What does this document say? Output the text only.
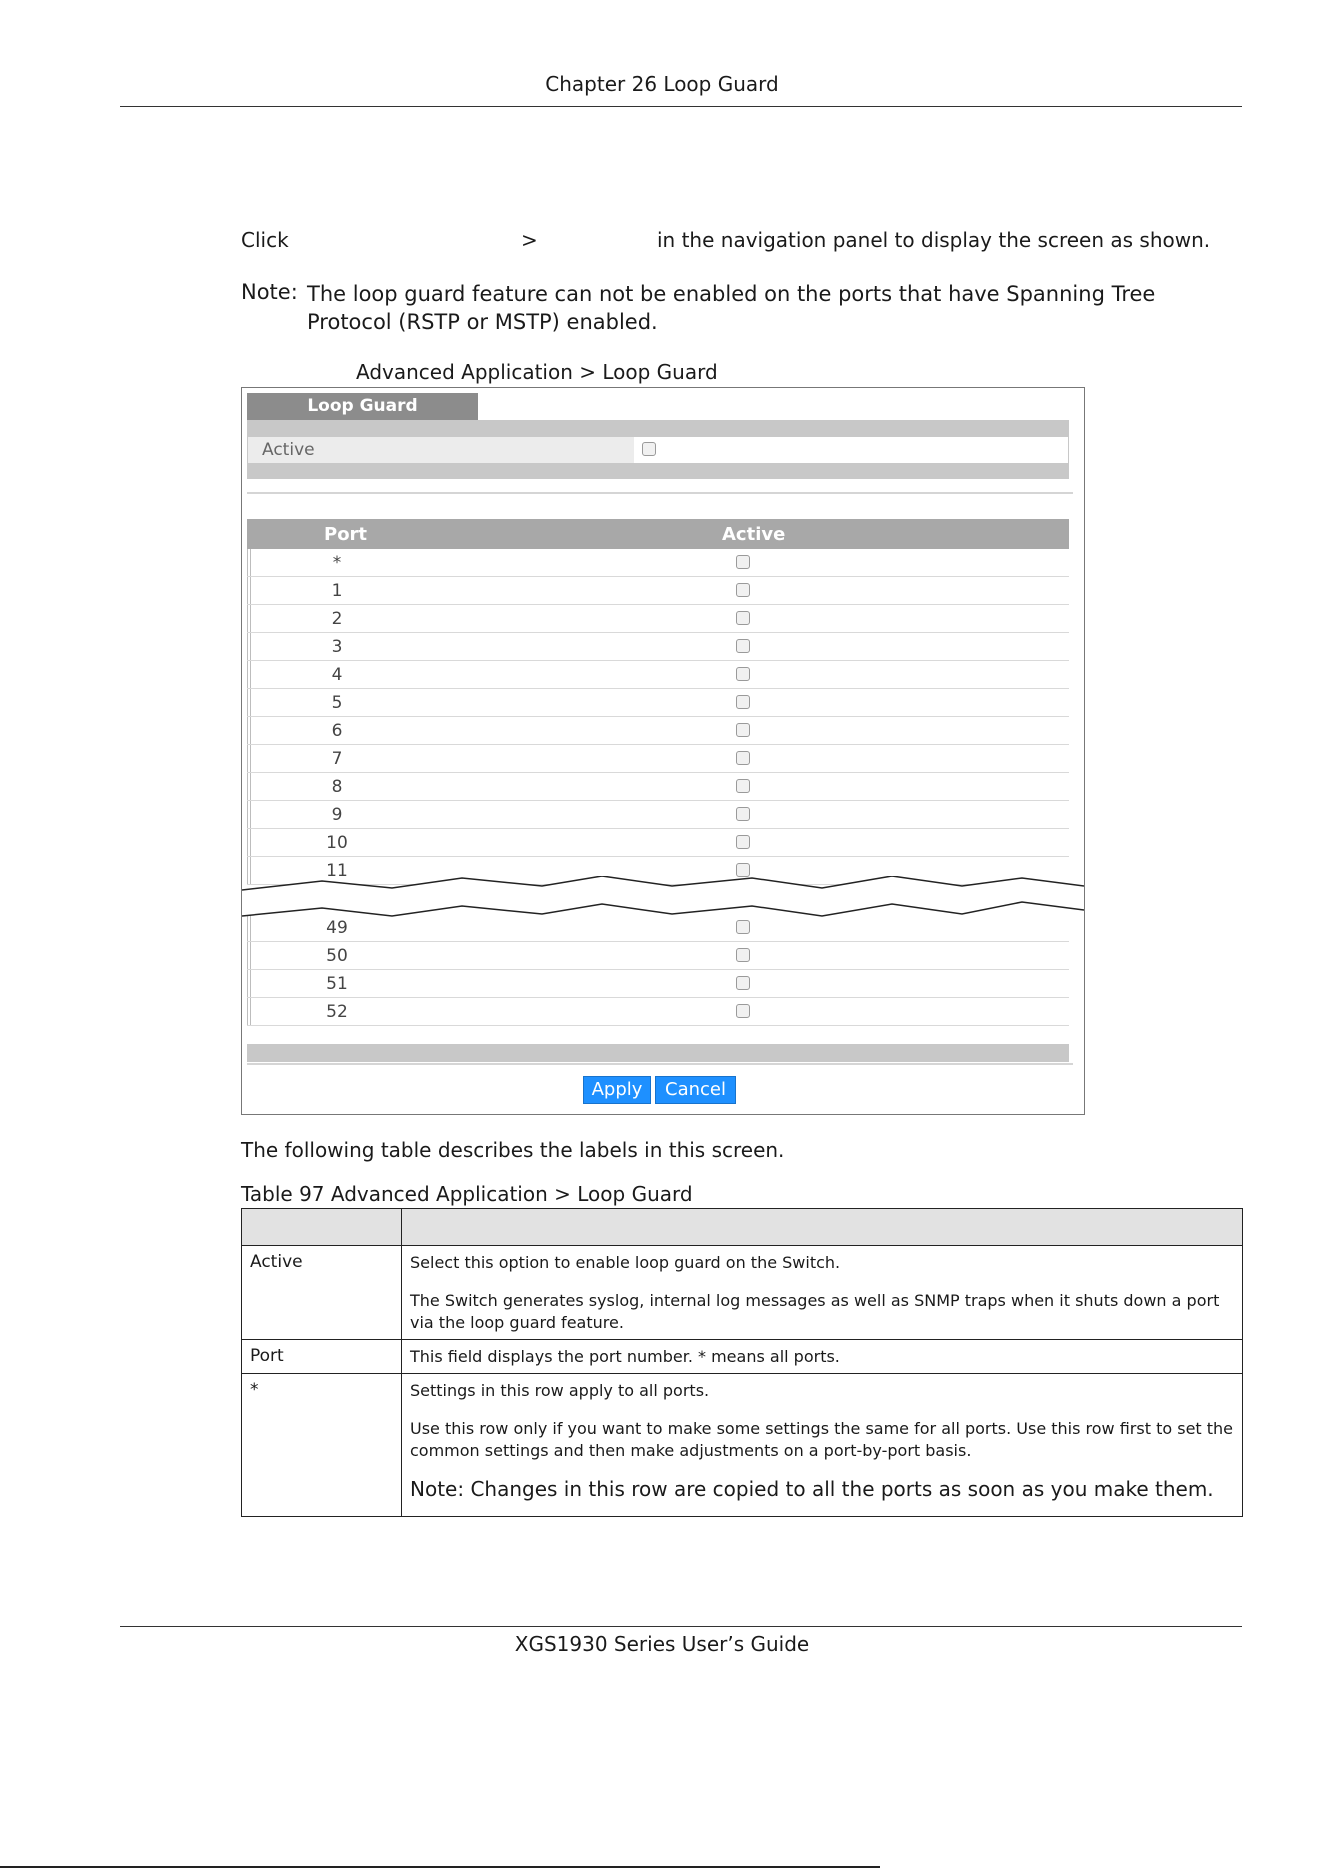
Chapter 26 Loop Guard
Click	>	in the navigation panel to display the screen as shown.
Note: The loop guard feature can not be enabled on the ports that have Spanning Tree Protocol (RSTP or MSTP) enabled.
Advanced Application > Loop Guard
Loop Guard
Active
Port	Active
*
1
2
3
4
5
6
7
8
9
10
11
49
50
51
52
Apply	Cancel
The following table describes the labels in this screen.
Table 97 Advanced Application > Loop Guard
Active	Select this option to enable loop guard on the Switch.

The Switch generates syslog, internal log messages as well as SNMP traps when it shuts down a port via the loop guard feature.

Port	This field displays the port number. * means all ports.

*	Settings in this row apply to all ports.

Use this row only if you want to make some settings the same for all ports. Use this row first to set the common settings and then make adjustments on a port-by-port basis.

Note: Changes in this row are copied to all the ports as soon as you make them.

XGS1930 Series User’s Guide
